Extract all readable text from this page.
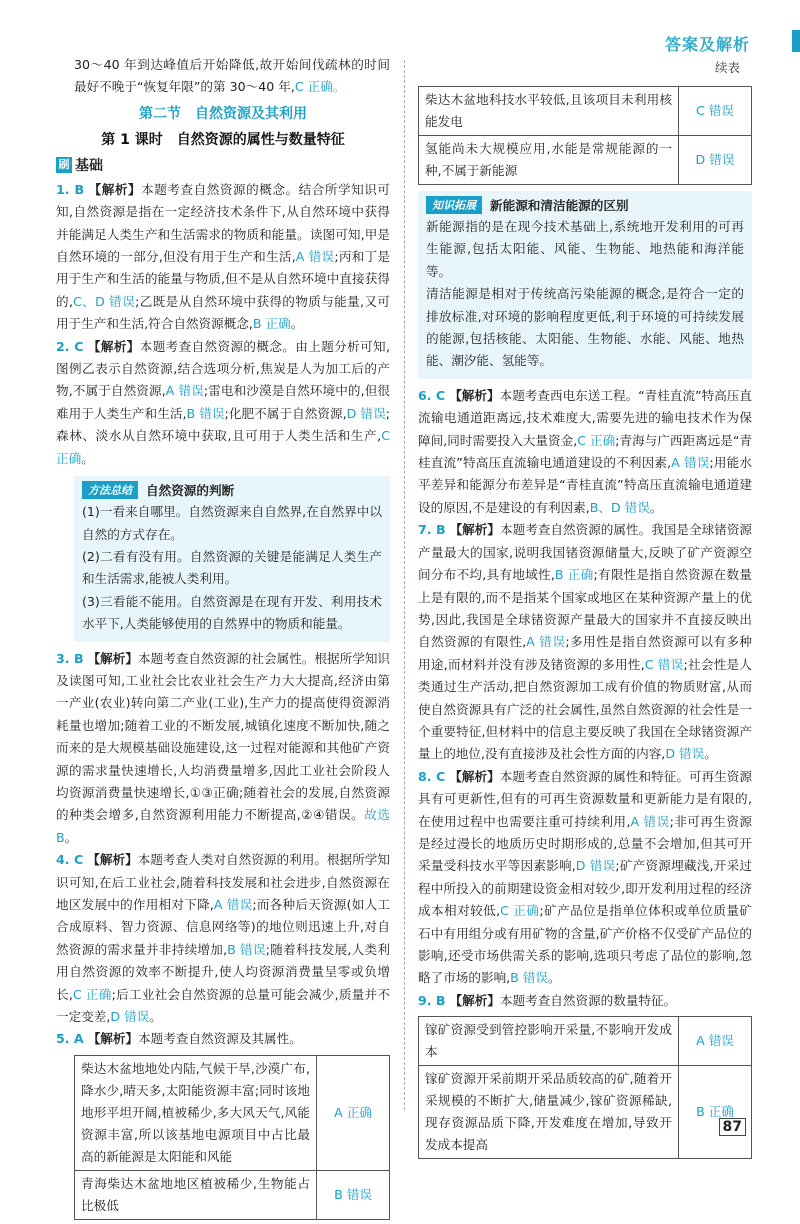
答案及解析
续表

30～40 年到达峰值后开始降低,故开始间伐疏林的时间最好不晚于“恢复年限”的第 30～40 年,C 正确。

第二节　自然资源及其利用
第 1 课时　自然资源的属性与数量特征
刷 基础

1. B 【解析】本题考查自然资源的概念。结合所学知识可知,自然资源是指在一定经济技术条件下,从自然环境中获得并能满足人类生产和生活需求的物质和能量。读图可知,甲是自然环境的一部分,但没有用于生产和生活,A 错误;丙和丁是用于生产和生活的能量与物质,但不是从自然环境中直接获得的,C、D 错误;乙既是从自然环境中获得的物质与能量,又可用于生产和生活,符合自然资源概念,B 正确。

2. C 【解析】本题考查自然资源的概念。由上题分析可知,图例乙表示自然资源,结合选项分析,焦炭是人为加工后的产物,不属于自然资源,A 错误;雷电和沙漠是自然环境中的,但很难用于人类生产和生活,B 错误;化肥不属于自然资源,D 错误;森林、淡水从自然环境中获取,且可用于人类生活和生产,C 正确。

方法总结	自然资源的判断

(1)一看来自哪里。自然资源来自自然界,在自然界中以自然的方式存在。

(2)二看有没有用。自然资源的关键是能满足人类生产和生活需求,能被人类利用。

(3)三看能不能用。自然资源是在现有开发、利用技术水平下,人类能够使用的自然界中的物质和能量。

3. B 【解析】本题考查自然资源的社会属性。根据所学知识及读图可知,工业社会比农业社会生产力大大提高,经济由第一产业(农业)转向第二产业(工业),生产力的提高使得资源消耗量也增加;随着工业的不断发展,城镇化速度不断加快,随之而来的是大规模基础设施建设,这一过程对能源和其他矿产资源的需求量快速增长,人均消费量增多,因此工业社会阶段人均资源消费量快速增长,①③正确;随着社会的发展,自然资源的种类会增多,自然资源利用能力不断提高,②④错误。故选 B。

4. C 【解析】本题考查人类对自然资源的利用。根据所学知识可知,在后工业社会,随着科技发展和社会进步,自然资源在地区发展中的作用相对下降,A 错误;而各种后天资源(如人工合成原料、智力资源、信息网络等)的地位则迅速上升,对自然资源的需求量并非持续增加,B 错误;随着科技发展,人类利用自然资源的效率不断提升,使人均资源消费量呈零或负增长,C 正确;后工业社会自然资源的总量可能会减少,质量并不一定变差,D 错误。

5. A 【解析】本题考查自然资源及其属性。

柴达木盆地地处内陆,气候干旱,沙漠广布,降水少,晴天多,太阳能资源丰富;同时该地地形平坦开阔,植被稀少,多大风天气,风能资源丰富,所以该基地电源项目中占比最高的新能源是太阳能和风能	A 正确
青海柴达木盆地地区植被稀少,生物能占比极低	B 错误
柴达木盆地科技水平较低,且该项目未利用核能发电	C 错误
氢能尚未大规模应用,水能是常规能源的一种,不属于新能源	D 错误
知识拓展	新能源和清洁能源的区别

新能源指的是在现今技术基础上,系统地开发利用的可再生能源,包括太阳能、风能、生物能、地热能和海洋能等。

清洁能源是相对于传统高污染能源的概念,是符合一定的排放标准,对环境的影响程度更低,利于环境的可持续发展的能源,包括核能、太阳能、生物能、水能、风能、地热能、潮汐能、氢能等。

6. C 【解析】本题考查西电东送工程。“青桂直流”特高压直流输电通道距离远,技术难度大,需要先进的输电技术作为保障间,同时需要投入大量资金,C 正确;青海与广西距离远是“青桂直流”特高压直流输电通道建设的不利因素,A 错误;用能水平差异和能源分布差异是“青桂直流”特高压直流输电通道建设的原因,不是建设的有利因素,B、D 错误。

7. B 【解析】本题考查自然资源的属性。我国是全球锗资源产量最大的国家,说明我国锗资源储量大,反映了矿产资源空间分布不均,具有地域性,B 正确;有限性是指自然资源在数量上是有限的,而不是指某个国家或地区在某种资源产量上的优势,因此,我国是全球锗资源产量最大的国家并不直接反映出自然资源的有限性,A 错误;多用性是指自然资源可以有多种用途,而材料并没有涉及锗资源的多用性,C 错误;社会性是人类通过生产活动,把自然资源加工成有价值的物质财富,从而使自然资源具有广泛的社会属性,虽然自然资源的社会性是一个重要特征,但材料中的信息主要反映了我国在全球锗资源产量上的地位,没有直接涉及社会性方面的内容,D 错误。

8. C 【解析】本题考查自然资源的属性和特征。可再生资源具有可更新性,但有的可再生资源数量和更新能力是有限的,在使用过程中也需要注重可持续利用,A 错误;非可再生资源是经过漫长的地质历史时期形成的,总量不会增加,但其可开采量受科技水平等因素影响,D 错误;矿产资源埋藏浅,开采过程中所投入的前期建设资金相对较少,即开发利用过程的经济成本相对较低,C 正确;矿产品位是指单位体积或单位质量矿石中有用组分或有用矿物的含量,矿产价格不仅受矿产品位的影响,还受市场供需关系的影响,选项只考虑了品位的影响,忽略了市场的影响,B 错误。

9. B 【解析】本题考查自然资源的数量特征。

镓矿资源受到管控影响开采量,不影响开发成本	A 错误
镓矿资源开采前期开采品质较高的矿,随着开采规模的不断扩大,储量减少,镓矿资源稀缺,现存资源品质下降,开发难度在增加,导致开发成本提高	B 正确
87
